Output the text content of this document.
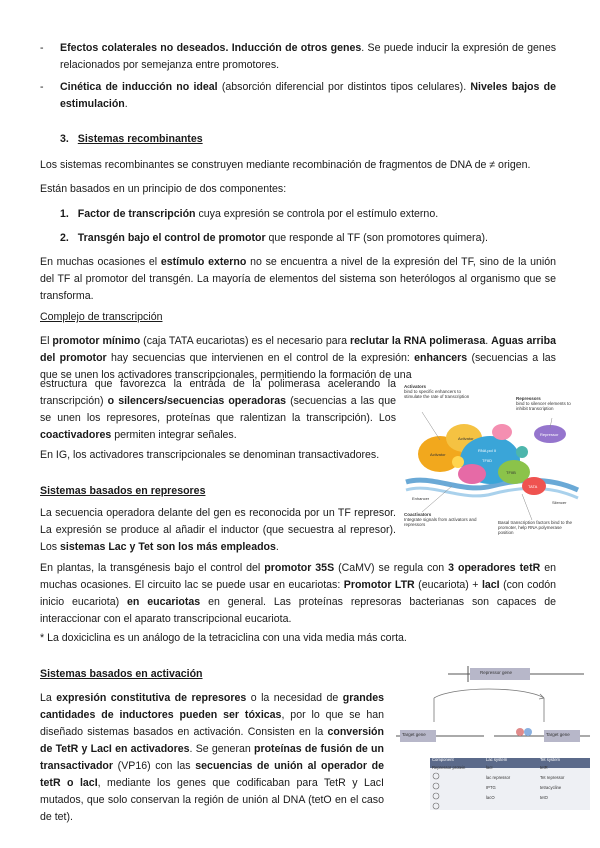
- Efectos colaterales no deseados. Inducción de otros genes. Se puede inducir la expresión de genes relacionados por semejanza entre promotores.
- Cinética de inducción no ideal (absorción diferencial por distintos tipos celulares). Niveles bajos de estimulación.
3. Sistemas recombinantes
Los sistemas recombinantes se construyen mediante recombinación de fragmentos de DNA de ≠ origen.
Están basados en un principio de dos componentes:
1. Factor de transcripción cuya expresión se controla por el estímulo externo.
2. Transgén bajo el control de promotor que responde al TF (son promotores quimera).
En muchas ocasiones el estímulo externo no se encuentra a nivel de la expresión del TF, sino de la unión del TF al promotor del transgén. La mayoría de elementos del sistema son heterólogos al organismo que se transforma.
Complejo de transcripción
El promotor mínimo (caja TATA eucariotas) es el necesario para reclutar la RNA polimerasa. Aguas arriba del promotor hay secuencias que intervienen en el control de la expresión: enhancers (secuencias a las que se unen los activadores transcripcionales, permitiendo la formación de una
estructura que favorezca la entrada de la polimerasa acelerando la transcripción) o silencers/secuencias operadoras (secuencias a las que se unen los represores, proteínas que ralentizan la transcripción). Los coactivadores permiten integrar señales.
En IG, los activadores transcripcionales se denominan transactivadores.	Activator
Activator
Repressor
TFIID
TFIIB
RNA pol II
TATA
Enhancer
Silencer
Activators
bind to specific enhancers to stimulate the rate of transcription	Repressors
bind to silencer elements to inhibit transcription
Coactivators
Integrate signals from activators and repressors	Basal transcription factors bind to the promoter, help RNA polymerase position
Sistemas basados en represores
La secuencia operadora delante del gen es reconocida por un TF represor. La expresión se produce al añadir el inductor (que secuestra al represor). Los sistemas Lac y Tet son los más empleados.
En plantas, la transgénesis bajo el control del promotor 35S (CaMV) se regula con 3 operadores tetR en muchas ocasiones. El circuito lac se puede usar en eucariotas: Promotor LTR (eucariota) + lacI (con codón inicio eucariota) en eucariotas en general. Las proteínas represoras bacterianas son capaces de interaccionar con el aparato transcripcional eucariota.
* La doxiciclina es un análogo de la tetraciclina con una vida media más corta.
Sistemas basados en activación
La expresión constitutiva de represores o la necesidad de grandes cantidades de inductores pueden ser tóxicas, por lo que se han diseñado sistemas basados en activación. Consisten en la conversión de TetR y LacI en activadores. Se generan proteínas de fusión de un transactivador (VP16) con las secuencias de unión al operador de tetR o lacI, mediante los genes que codificaban para TetR y LacI mutados, que solo conservan la región de unión al DNA (tetO en el caso de tet).
Repressor gene
Target gene	Target gene
Component	Lac system	Tet system
Repressor protein	lacI	tetR
	lac repressor	Tet repressor
	IPTG	tetracycline
	lacO	tetO
